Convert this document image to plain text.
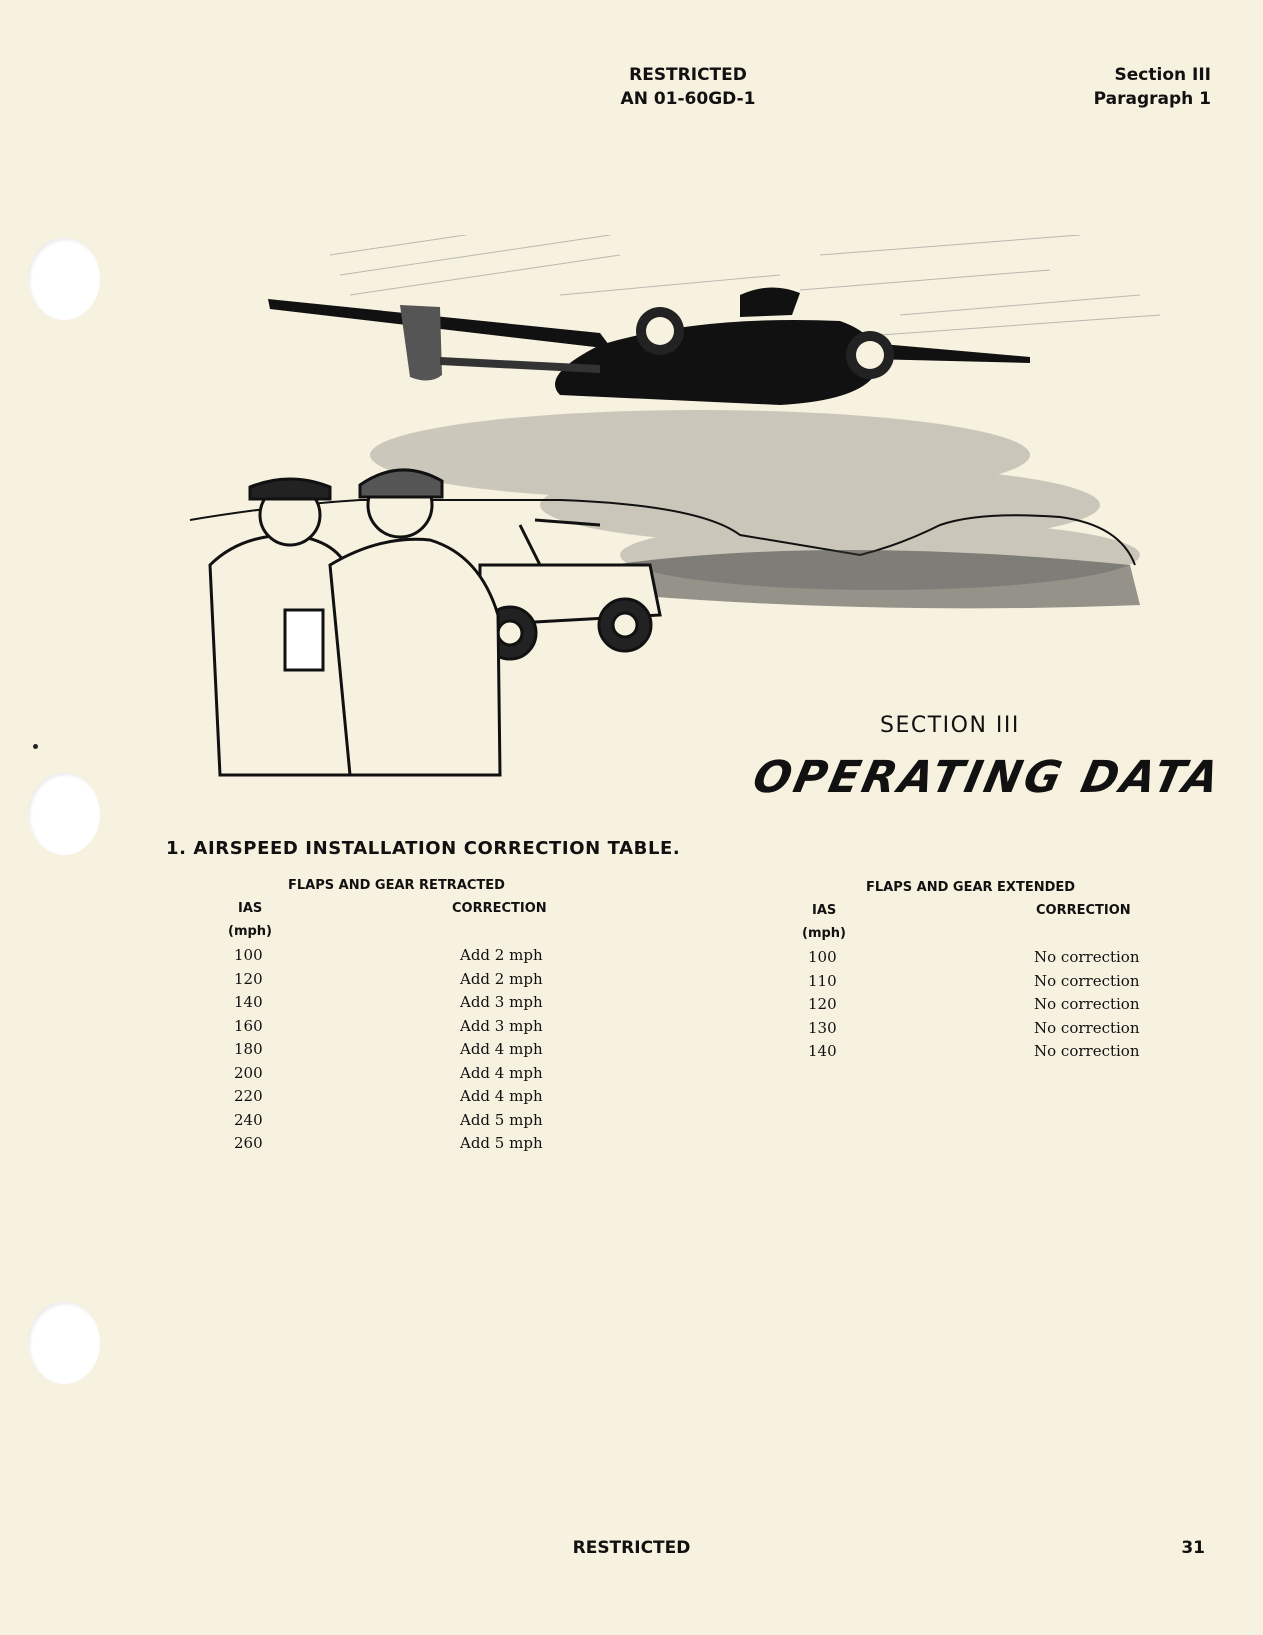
RESTRICTED
AN 01-60GD-1
Section III
Paragraph 1
SECTION III
OPERATING DATA
1. AIRSPEED INSTALLATION CORRECTION TABLE.
FLAPS AND GEAR RETRACTED
IAS	CORRECTION
(mph)
100	Add 2 mph
120	Add 2 mph
140	Add 3 mph
160	Add 3 mph
180	Add 4 mph
200	Add 4 mph
220	Add 4 mph
240	Add 5 mph
260	Add 5 mph
FLAPS AND GEAR EXTENDED
IAS	CORRECTION
(mph)
100	No correction
110	No correction
120	No correction
130	No correction
140	No correction
RESTRICTED	31
